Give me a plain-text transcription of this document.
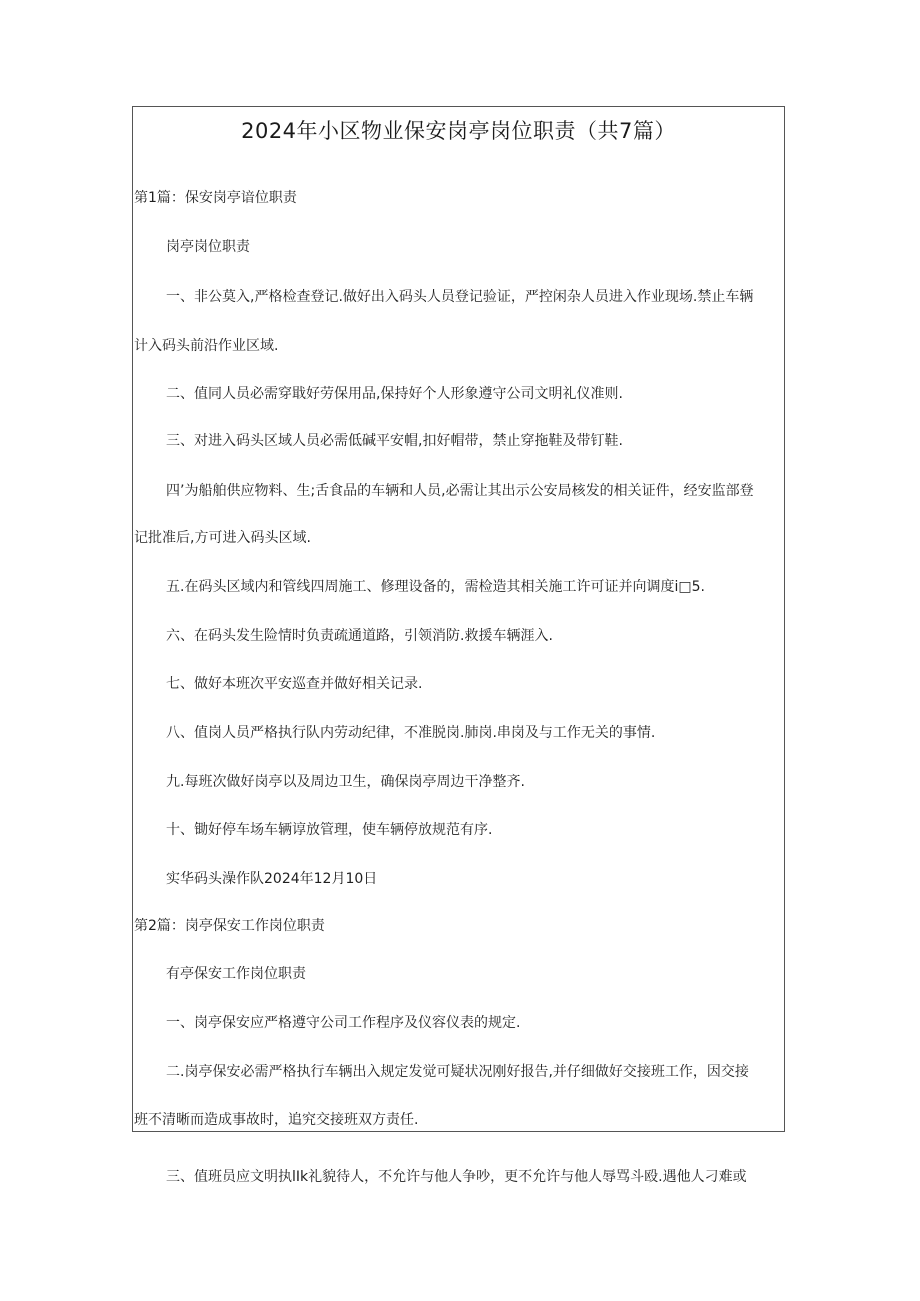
2024年小区物业保安岗亭岗位职责（共7篇）
第1篇：保安岗亭谙位职责
岗亭岗位职责
一、非公莫入,严格检查登记.做好出入码头人员登记验证，严控闲杂人员进入作业现场.禁止车辆
计入码头前沿作业区域.
二、值同人员必需穿戢好劳保用品,保持好个人形象遵守公司文明礼仪准则.
三、对进入码头区域人员必需低碱平安帽,扣好帽带，禁止穿拖鞋及带钉鞋.
四’为船舶供应物料、生;舌食品的车辆和人员,必需让其出示公安局核发的相关证件，经安监部登
记批准后,方可进入码头区域.
五.在码头区域内和管线四周施工、修理设备的，需检造其相关施工许可证并向调度i□5.
六、在码头发生险情时负责疏通道路，引领消防.救援车辆涯入.
七、做好本班次平安巡查并做好相关记录.
八、值岗人员严格执行队内劳动纪律，不准脱岗.肺岗.串岗及与工作无关的事情.
九.每班次做好岗亭以及周边卫生，确保岗亭周边干净整齐.
十、锄好停车场车辆谆放管理，使车辆停放规范有序.
实华码头澡作队2024年12月10日
第2篇：岗亭保安工作岗位职责
有亭保安工作岗位职责
一、岗亭保安应严格遵守公司工作程序及仪容仪表的规定.
二.岗亭保安必需严格执行车辆出入规定发觉可疑状况刚好报告,并仔细做好交接班工作，因交接
班不清晰而造成事故时，追究交接班双方责任.
三、值班员应文明执lIk礼貌待人，不允许与他人争吵，更不允许与他人辱骂斗殴.遇他人刁难或
